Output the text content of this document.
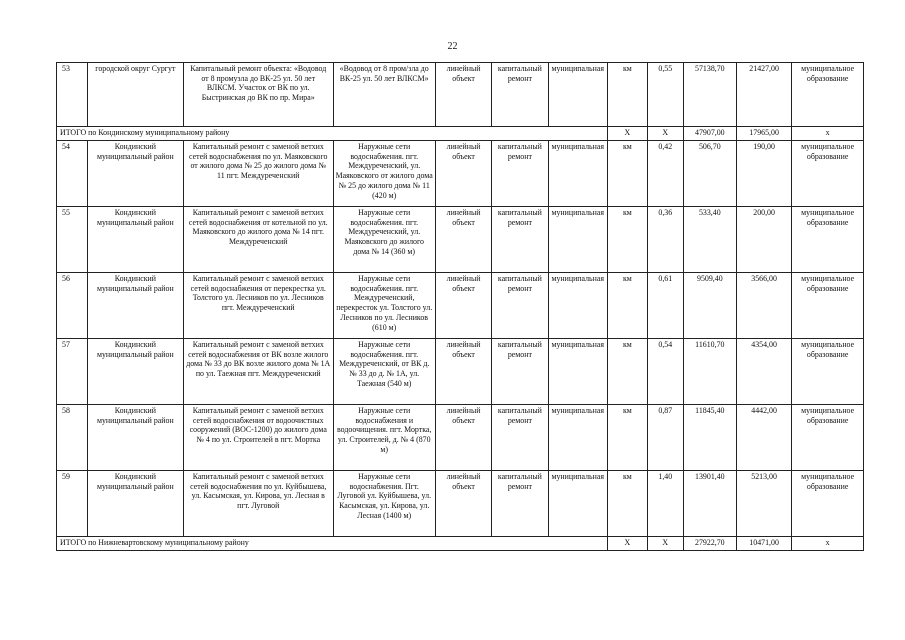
22
53	городской округ Сургут	Капитальный ремонт объекта: «Водовод от 8 промузла до ВК-25 ул. 50 лет ВЛКСМ. Участок от ВК по ул. Быстринская до ВК по пр. Мира»	«Водовод от 8 пром/зла до ВК-25 ул. 50 лет ВЛКСМ»	линейный объект	капитальный ремонт	муниципальная	км	0,55	57138,70	21427,00	муниципальное образование
ИТОГО по Кондинскому муниципальному району							Х	Х	47907,00	17965,00	х
54	Кондинский муниципальный район	Капитальный ремонт с заменой ветхих сетей водоснабжения по ул. Маяковского от жилого дома № 25 до жилого дома № 11 пгт. Междуреченский	Наружные сети водоснабжения. пгт. Междуреченский, ул. Маяковского от жилого дома № 25 до жилого дома № 11 (420 м)	линейный объект	капитальный ремонт	муниципальная	км	0,42	506,70	190,00	муниципальное образование
55	Кондинский муниципальный район	Капитальный ремонт с заменой ветхих сетей водоснабжения от котельной по ул. Маяковского до жилого дома № 14 пгт. Междуреченский	Наружные сети водоснабжения. пгт. Междуреченский, ул. Маяковского до жилого дома № 14 (360 м)	линейный объект	капитальный ремонт	муниципальная	км	0,36	533,40	200,00	муниципальное образование
56	Кондинский муниципальный район	Капитальный ремонт с заменой ветхих сетей водоснабжения от перекрестка ул. Толстого ул. Лесников по ул. Лесников пгт. Междуреченский	Наружные сети водоснабжения. пгт. Междуреченский, перекресток ул. Толстого ул. Лесников по ул. Лесников (610 м)	линейный объект	капитальный ремонт	муниципальная	км	0,61	9509,40	3566,00	муниципальное образование
57	Кондинский муниципальный район	Капитальный ремонт с заменой ветхих сетей водоснабжения от ВК возле жилого дома № 33 до ВК возле жилого дома № 1А по ул. Таежная пгт. Междуреченский	Наружные сети водоснабжения. пгт. Междуреченский, от ВК д. № 33 до д. № 1А, ул. Таежная (540 м)	линейный объект	капитальный ремонт	муниципальная	км	0,54	11610,70	4354,00	муниципальное образование
58	Кондинский муниципальный район	Капитальный ремонт с заменой ветхих сетей водоснабжения от водоочистных сооружений (ВОС-1200) до жилого дома № 4 по ул. Строителей в пгт. Мортка	Наружные сети водоснабжения и водоочищения. пгт. Мортка, ул. Строителей, д. № 4 (870 м)	линейный объект	капитальный ремонт	муниципальная	км	0,87	11845,40	4442,00	муниципальное образование
59	Кондинский муниципальный район	Капитальный ремонт с заменой ветхих сетей водоснабжения по ул. Куйбышева, ул. Касымская, ул. Кирова, ул. Лесная в пгт. Луговой	Наружные сети водоснабжения. Пгт. Луговой ул. Куйбышева, ул. Касымская, ул. Кирова, ул. Лесная (1400 м)	линейный объект	капитальный ремонт	муниципальная	км	1,40	13901,40	5213,00	муниципальное образование
ИТОГО по Нижневартовскому муниципальному району							Х	Х	27922,70	10471,00	х
